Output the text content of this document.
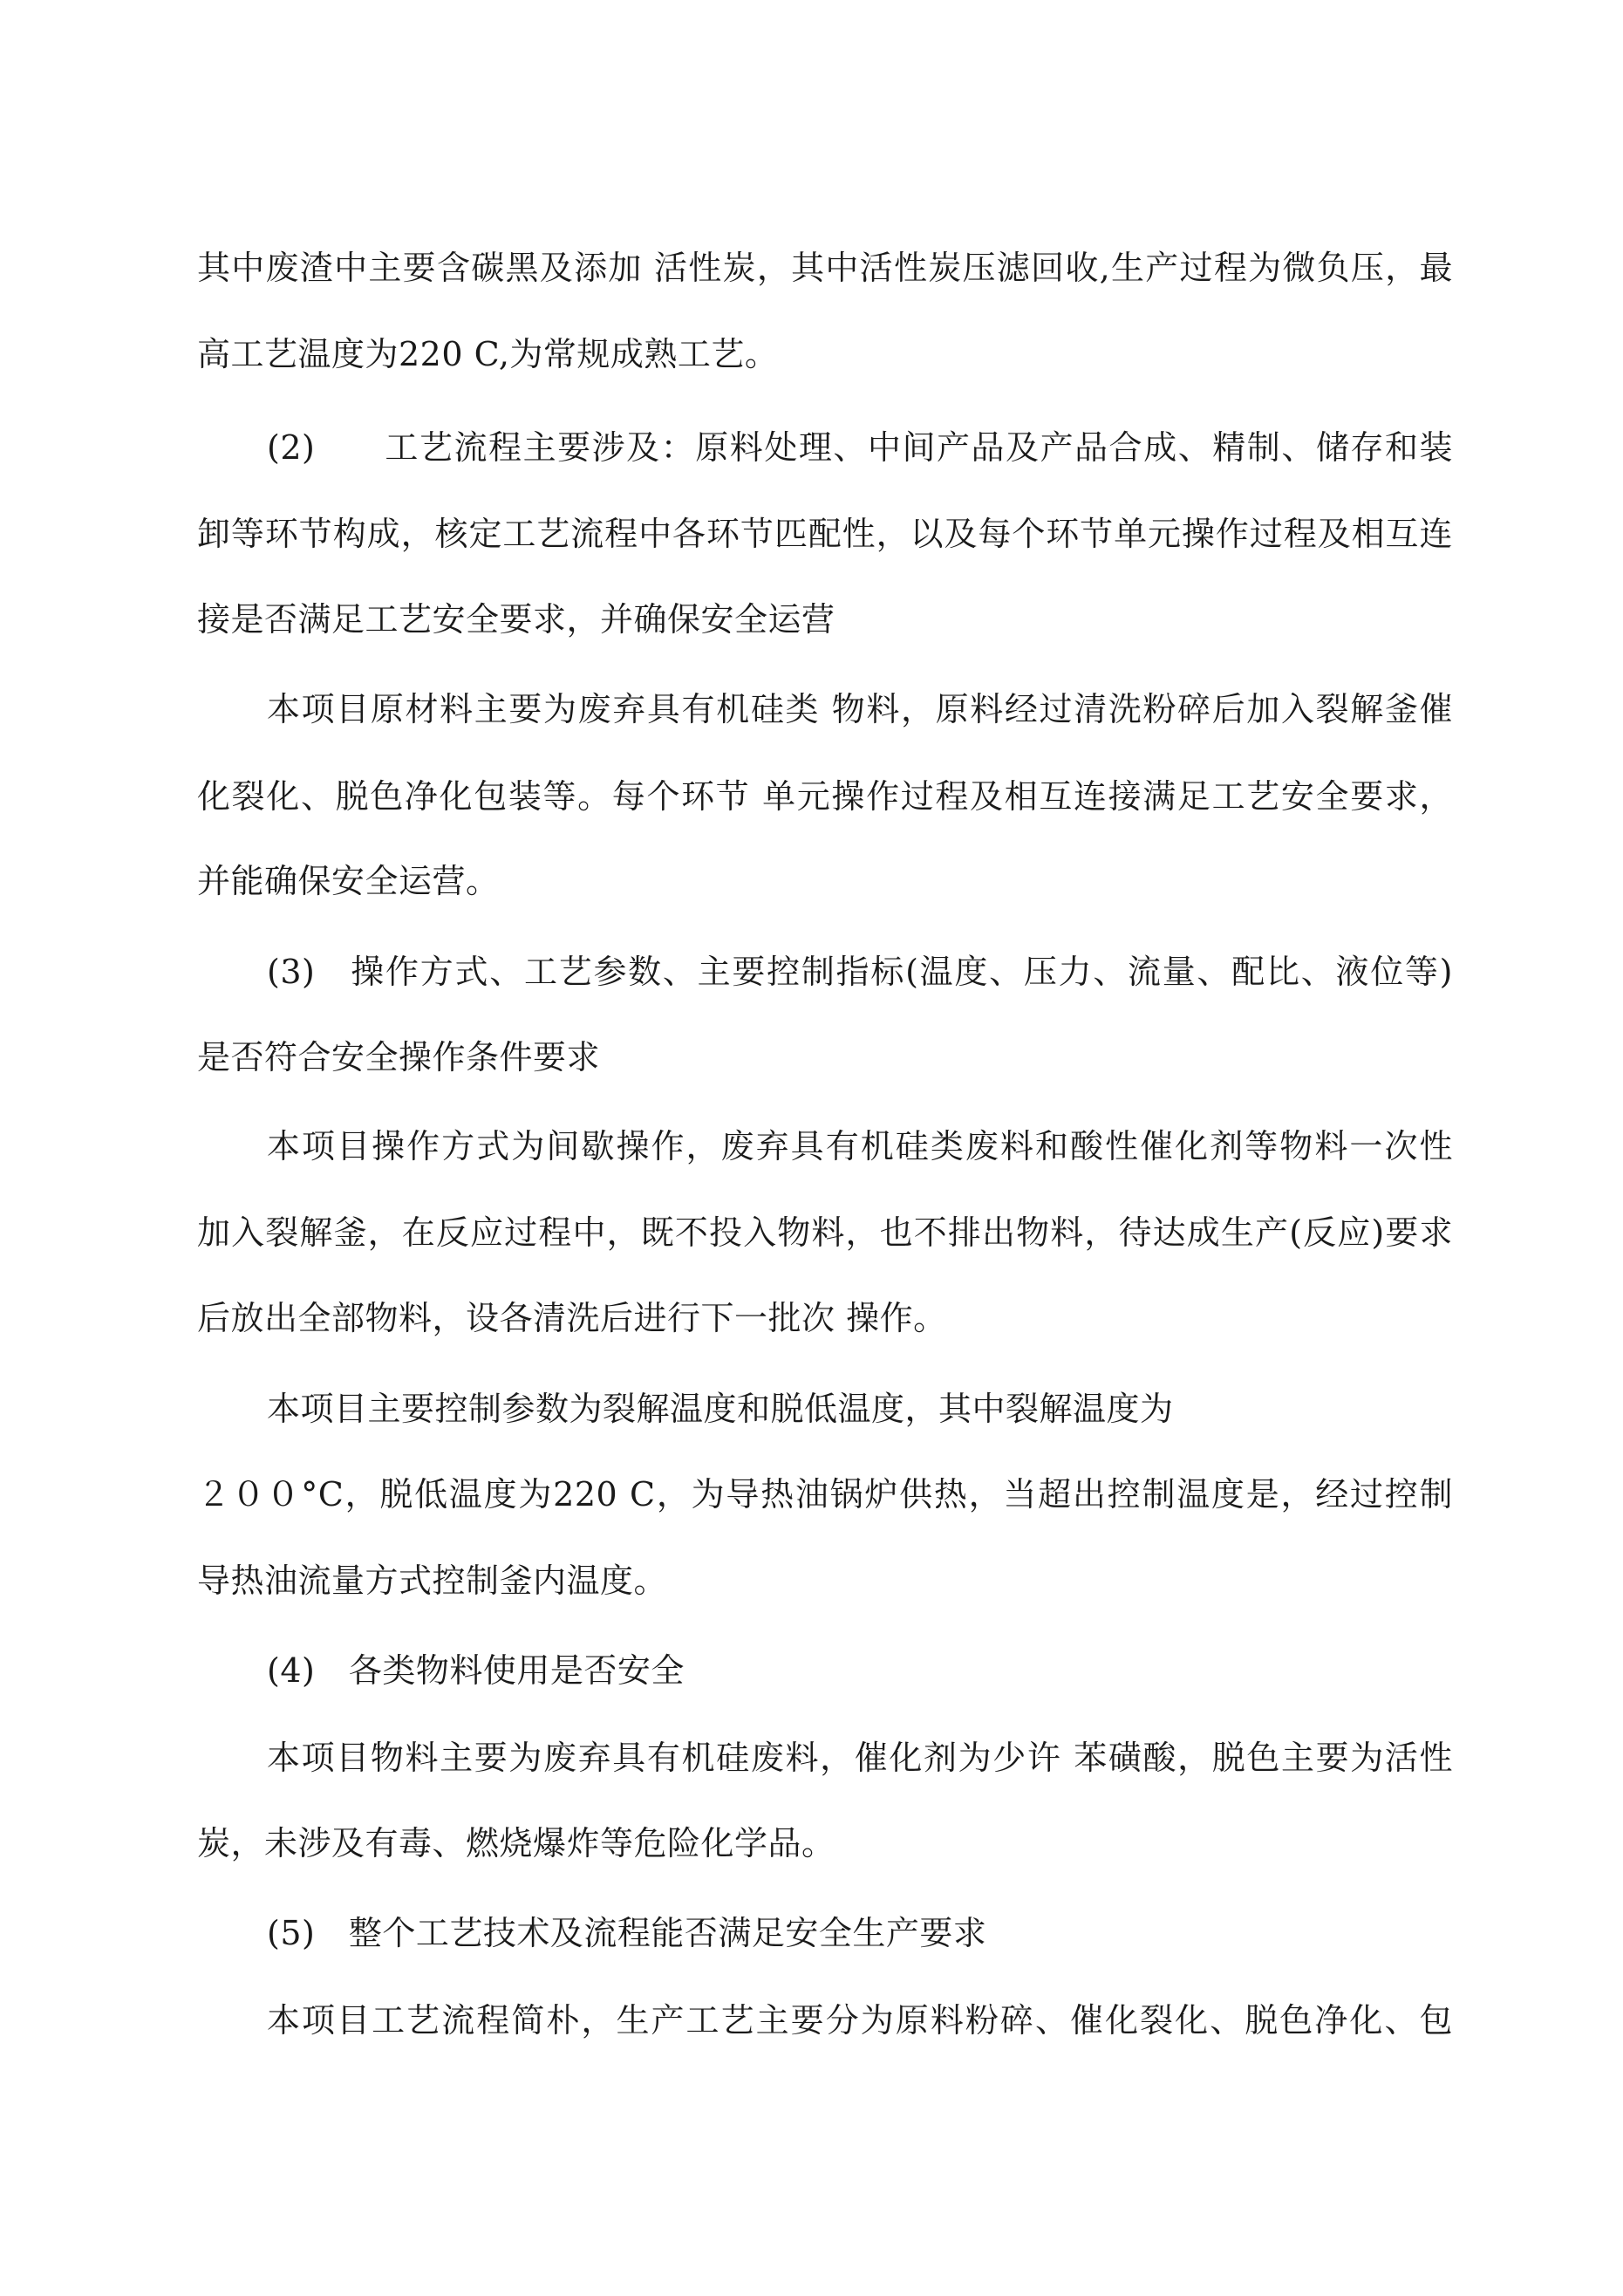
其中废渣中主要含碳黑及添加 活性炭，其中活性炭压滤回收,生产过程为微负压，最
高工艺温度为220 C,为常规成熟工艺。
(2)　　工艺流程主要涉及：原料处理、中间产品及产品合成、精制、储存和装
卸等环节构成，核定工艺流程中各环节匹配性，以及每个环节单元操作过程及相互连
接是否满足工艺安全要求，并确保安全运营
本项目原材料主要为废弃具有机硅类 物料，原料经过清洗粉碎后加入裂解釜催
化裂化、脱色净化包装等。每个环节 单元操作过程及相互连接满足工艺安全要求，
并能确保安全运营。
(3)　操作方式、工艺参数、主要控制指标(温度、压力、流量、配比、液位等)
是否符合安全操作条件要求
本项目操作方式为间歇操作，废弃具有机硅类废料和酸性催化剂等物料一次性
加入裂解釜，在反应过程中，既不投入物料，也不排出物料，待达成生产(反应)要求
后放出全部物料，设各清洗后进行下一批次 操作。
本项目主要控制参数为裂解温度和脱低温度，其中裂解温度为
２００°C，脱低温度为220 C，为导热油锅炉供热，当超出控制温度是，经过控制
导热油流量方式控制釜内温度。
(4)　各类物料使用是否安全
本项目物料主要为废弃具有机硅废料，催化剂为少许 苯磺酸，脱色主要为活性
炭，未涉及有毒、燃烧爆炸等危险化学品。
(5)　整个工艺技术及流程能否满足安全生产要求
本项目工艺流程简朴，生产工艺主要分为原料粉碎、催化裂化、脱色净化、包
